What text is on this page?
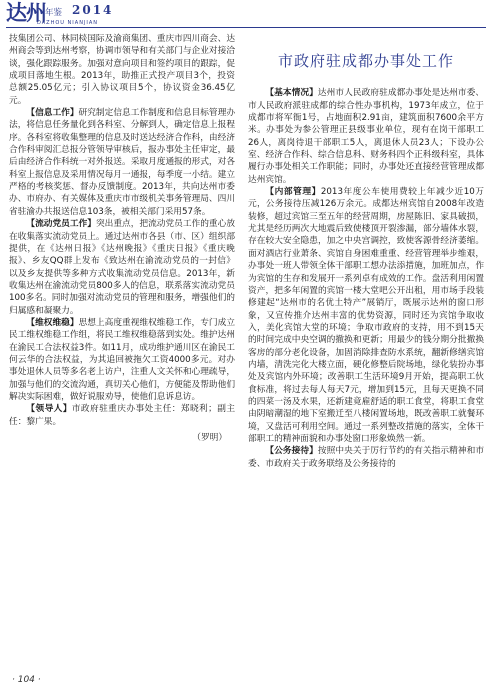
达州 年鉴 2014
DAZHOU NIANJIAN

技集团公司、林同棪国际及渝商集团、重庆市四川商会、达州商会等到达州考察，协调市领导和有关部门与企业对接洽谈，强化跟踪服务。加强对意向项目和签约项目的跟踪，促成项目落地生根。2013年，助推正式投产项目3个，投资总额25.05亿元；引入协议项目5个，协议资金36.45亿元。

【信息工作】研究制定信息工作制度和信息目标管理办法，将信息任务量化到各科室、分解到人，确定信息上报程序。各科室将收集整理的信息及时送达经济合作科，由经济合作科审阅汇总报分管领导审核后，报办事处主任审定，最后由经济合作科统一对外报送。采取月度通报的形式，对各科室上报信息及采用情况每月一通报，每季度一小结。建立严格的考核奖惩、督办反馈制度。2013年，共向达州市委办、市府办、有关媒体及重庆市市级机关事务管理局、四川省驻渝办共报送信息103条，被相关部门采用57条。

【流动党员工作】突出重点，把流动党员工作的重心放在收集落实流动党员上。通过达州市各县（市、区）组织部提供，在《达州日报》《达州晚报》《重庆日报》《重庆晚报》、乡友QQ群上发布《致达州在渝流动党员的一封信》以及乡友提供等多种方式收集流动党员信息。2013年，新收集达州在渝流动党员800多人的信息，联系落实流动党员100多名。同时加强对流动党员的管理和服务，增强他们的归属感和凝聚力。

【维权维稳】思想上高度重视维权维稳工作，专门成立民工维权维稳工作组，将民工维权维稳落到实处。维护达州在渝民工合法权益3件。如11月，成功维护通川区在渝民工何云华的合法权益，为其追回被拖欠工资4000多元。对办事处退休人员等多名老上访户，注重人文关怀和心理疏导，加强与他们的交流沟通，真切关心他们，方便能及帮助他们解决实际困难，做好说服劝导，使他们息诉息访。

【领导人】市政府驻重庆办事处主任：郑晓利；副主任：黎广果。

（罗明）
市政府驻成都办事处工作

【基本情况】达州市人民政府驻成都办事处是达州市委、市人民政府派驻成都的综合性办事机构，1973年成立，位于成都市将军衙1号，占地面积2.91亩，建筑面积7600余平方米。办事处为参公管理正县级事业单位，现有在岗干部职工26人，离岗待退干部职工5人，离退休人员23人；下设办公室、经济合作科、综合信息科、财务科四个正科级科室，具体履行办事处相关工作职能；同时，办事处还直接经营管理成都达州宾馆。

【内部管理】2013年度公车使用费较上年减少近10万元，公务接待压减126万余元。成都达州宾馆自2008年改造装修，超过宾馆三至五年的经营周期，房屋陈旧、家具破损，尤其是经历两次大地震后致使楼顶开裂渗漏，部分墙体水裂，存在较大安全隐患，加之中央宫调控，致使客源骨经济萎缩。面对酒店行业萧条、宾馆自身困难重重、经营管理举步维艰，办事处一班人带领全体干部职工想办法添措施，加班加点，作为宾馆的生存和发展开一系列卓有成效的工作。盘活利用闲置资产，把多年闲置的宾馆一楼大堂吧公开出租，用市场手段装修建起“达州市的名优土特产”展销厅，既展示达州的窗口形象，又宣传推介达州丰富的优势资源，同时还为宾馆争取收入，美化宾馆大堂的环境；争取市政府的支持，用不到15天的时间完成中央空调的撤换和更新；用最少的钱分期分批撤换客房的部分老化设备，加固消除排查防水系统，翻新修缮宾馆内墙，清洗完化大楼立面，硬化修整后院场地，绿化装扮办事处及宾馆内外环境；改善职工生活环境9月开始，提高职工伙食标准，将过去每人每天7元，增加到15元，且每天更换不同的四菜一汤及水果，还新建竟雇舒适的职工食堂，将职工食堂由阴暗潮湿的地下室搬迁至八楼闲置场地，既改善职工就餐环境，又盘活可利用空间。通过一系列整改措施的落实，全体干部职工的精神面貌和办事处窗口形象焕然一新。

【公务接待】按照中央关于厉行节约的有关指示精神和市委、市政府关于政务联络及公务接待的

· 104 ·
